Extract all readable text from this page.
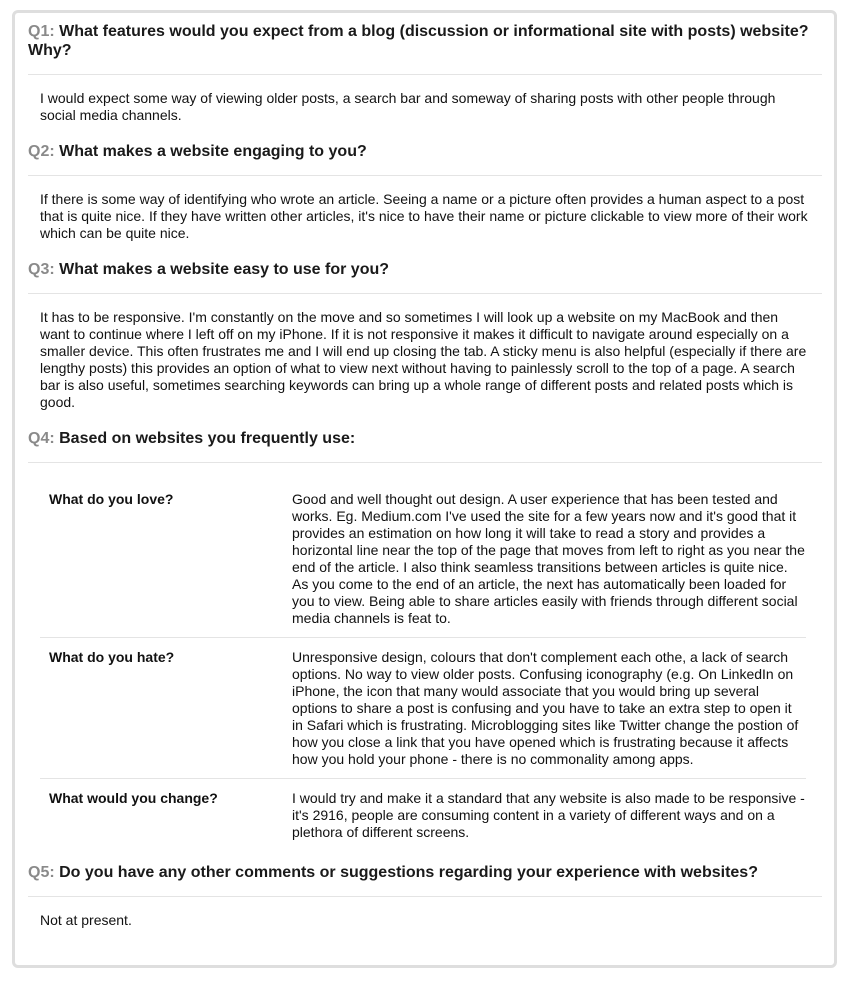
Q1: What features would you expect from a blog (discussion or informational site with posts) website? Why?
I would expect some way of viewing older posts, a search bar and someway of sharing posts with other people through social media channels.
Q2: What makes a website engaging to you?
If there is some way of identifying who wrote an article. Seeing a name or a picture often provides a human aspect to a post that is quite nice. If they have written other articles, it's nice to have their name or picture clickable to view more of their work which can be quite nice.
Q3: What makes a website easy to use for you?
It has to be responsive. I'm constantly on the move and so sometimes I will look up a website on my MacBook and then want to continue where I left off on my iPhone. If it is not responsive it makes it difficult to navigate around especially on a smaller device. This often frustrates me and I will end up closing the tab. A sticky menu is also helpful (especially if there are lengthy posts) this provides an option of what to view next without having to painlessly scroll to the top of a page. A search bar is also useful, sometimes searching keywords can bring up a whole range of different posts and related posts which is good.
Q4: Based on websites you frequently use:
What do you love?	Good and well thought out design. A user experience that has been tested and works. Eg. Medium.com I've used the site for a few years now and it's good that it provides an estimation on how long it will take to read a story and provides a horizontal line near the top of the page that moves from left to right as you near the end of the article. I also think seamless transitions between articles is quite nice. As you come to the end of an article, the next has automatically been loaded for you to view. Being able to share articles easily with friends through different social media channels is feat to.
What do you hate?	Unresponsive design, colours that don't complement each othe, a lack of search options. No way to view older posts. Confusing iconography (e.g. On LinkedIn on iPhone, the icon that many would associate that you would bring up several options to share a post is confusing and you have to take an extra step to open it in Safari which is frustrating. Microblogging sites like Twitter change the postion of how you close a link that you have opened which is frustrating because it affects how you hold your phone - there is no commonality among apps.
What would you change?	I would try and make it a standard that any website is also made to be responsive - it's 2916, people are consuming content in a variety of different ways and on a plethora of different screens.
Q5: Do you have any other comments or suggestions regarding your experience with websites?
Not at present.
